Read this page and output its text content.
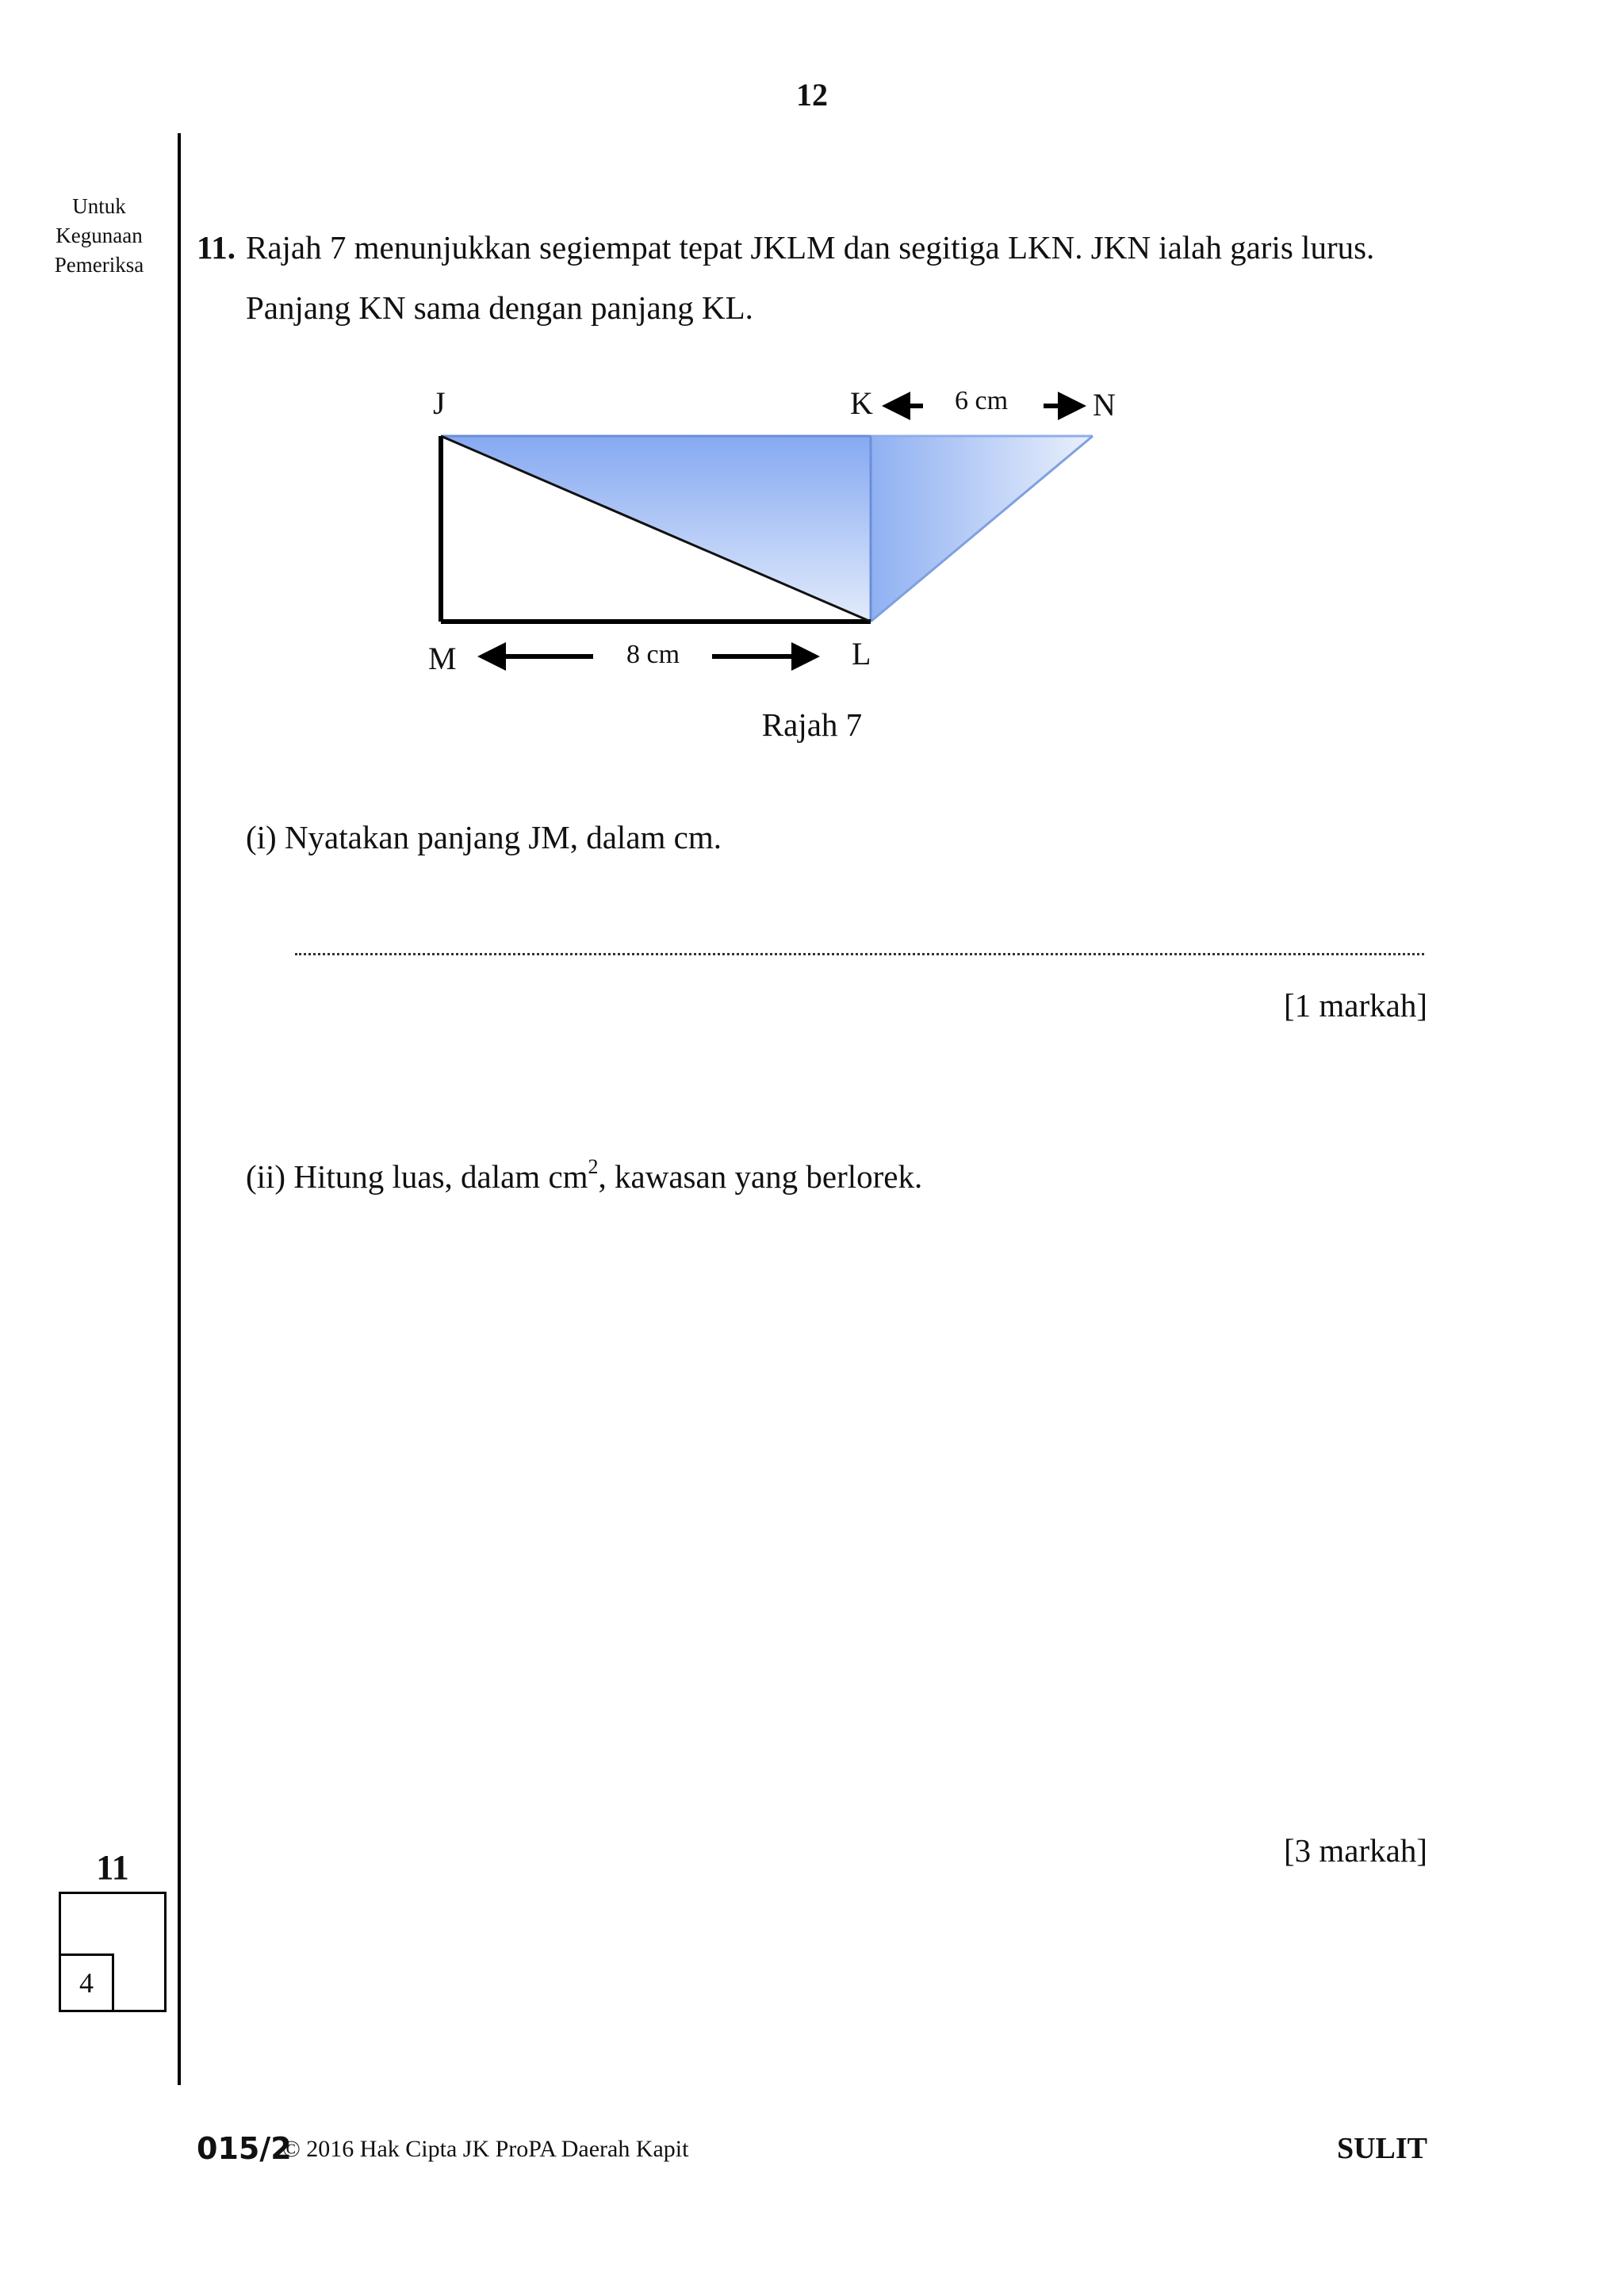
12
Untuk
Kegunaan
Pemeriksa	11. Rajah 7 menunjukkan segiempat tepat JKLM dan segitiga LKN. JKN ialah garis lurus.
Panjang KN sama dengan panjang KL.
J	K	N
M	L
6 cm
8 cm
Rajah 7
(i) Nyatakan panjang JM, dalam cm.
[1 markah]
(ii) Hitung luas, dalam $cm^2$, kawasan yang berlorek.
[3 markah]
11
4
015/2
© 2016 Hak Cipta JK ProPA Daerah Kapit	SULIT
